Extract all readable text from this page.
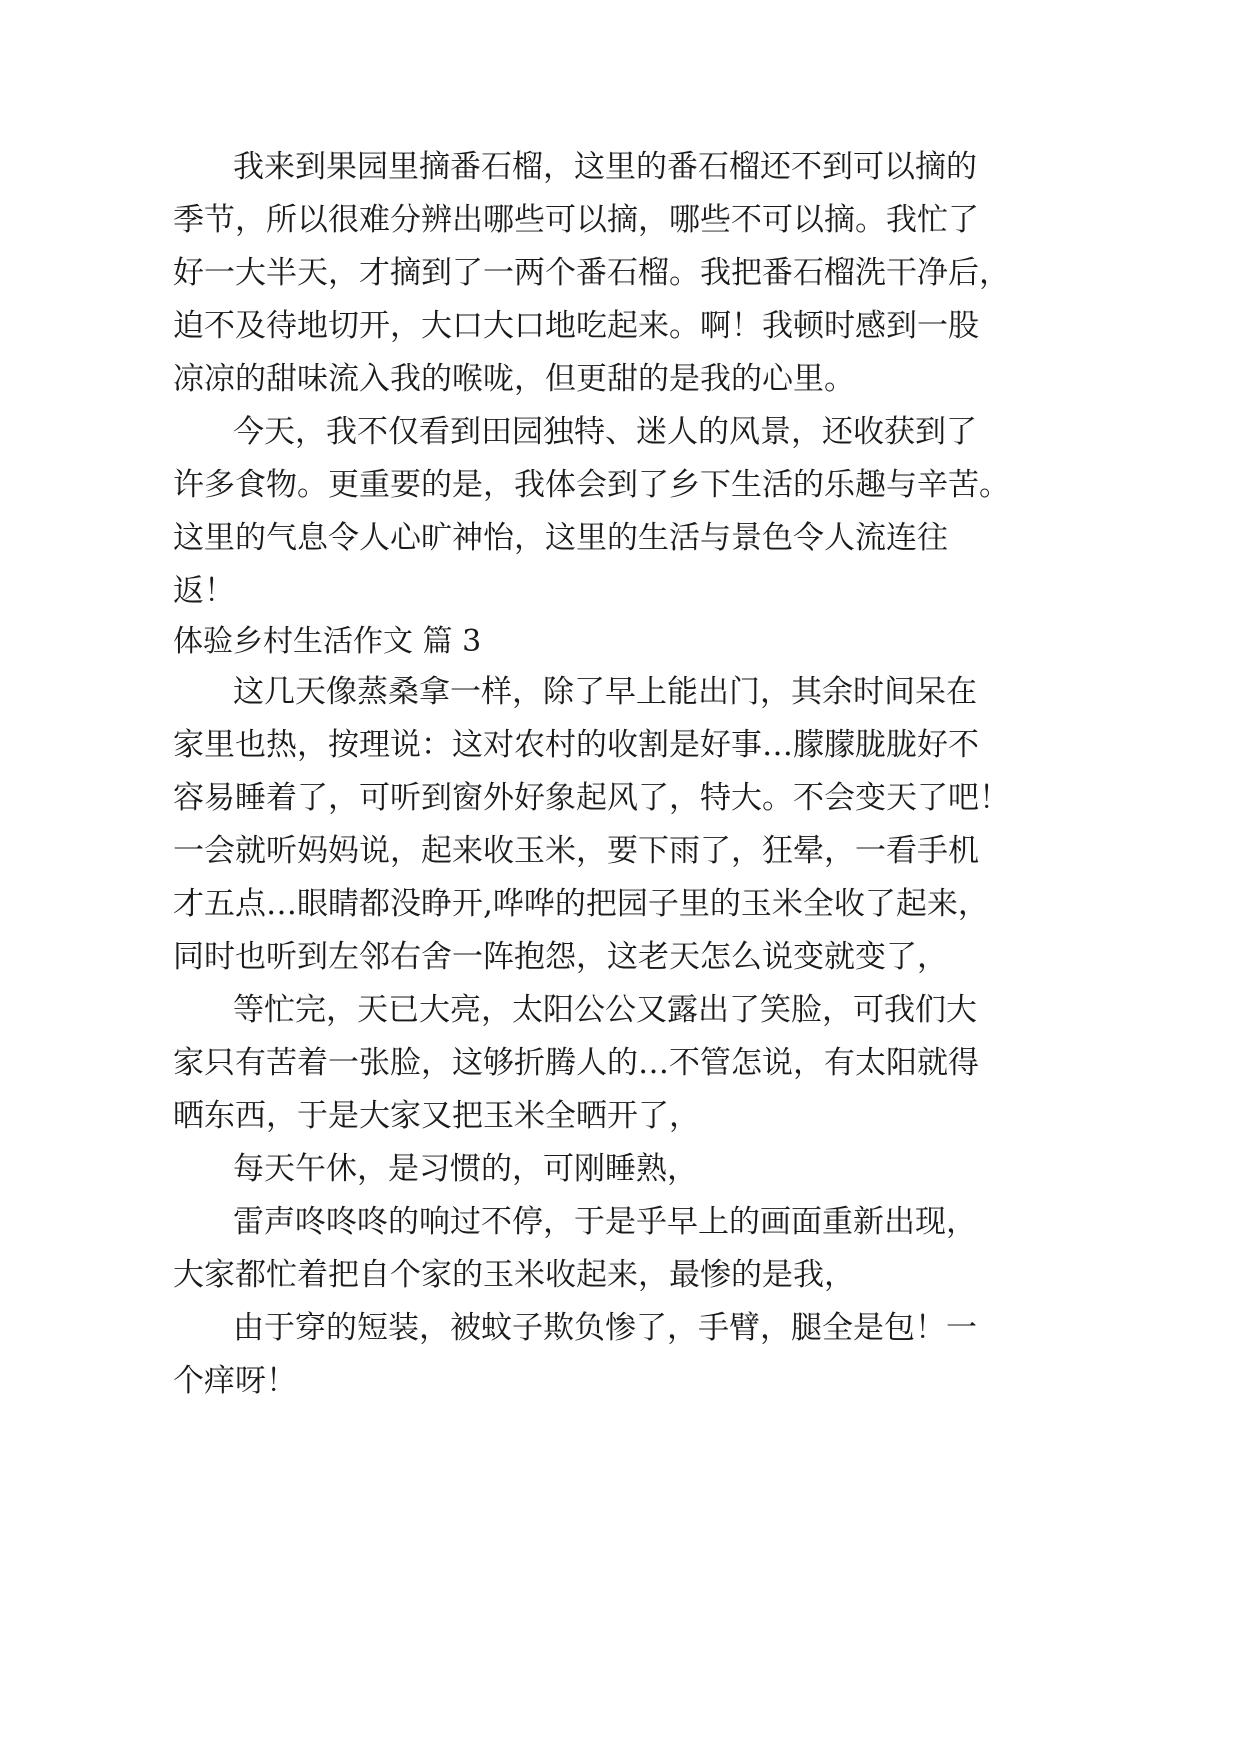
我来到果园里摘番石榴，这里的番石榴还不到可以摘的
季节，所以很难分辨出哪些可以摘，哪些不可以摘。我忙了
好一大半天，才摘到了一两个番石榴。我把番石榴洗干净后，
迫不及待地切开，大口大口地吃起来。啊！我顿时感到一股
凉凉的甜味流入我的喉咙，但更甜的是我的心里。
今天，我不仅看到田园独特、迷人的风景，还收获到了
许多食物。更重要的是，我体会到了乡下生活的乐趣与辛苦。
这里的气息令人心旷神怡，这里的生活与景色令人流连往
返！
体验乡村生活作文 篇 3
这几天像蒸桑拿一样，除了早上能出门，其余时间呆在
家里也热，按理说：这对农村的收割是好事…朦朦胧胧好不
容易睡着了，可听到窗外好象起风了，特大。不会变天了吧！
一会就听妈妈说，起来收玉米，要下雨了，狂晕，一看手机
才五点…眼睛都没睁开,哗哗的把园子里的玉米全收了起来，
同时也听到左邻右舍一阵抱怨，这老天怎么说变就变了，
等忙完，天已大亮，太阳公公又露出了笑脸，可我们大
家只有苦着一张脸，这够折腾人的…不管怎说，有太阳就得
晒东西，于是大家又把玉米全晒开了，
每天午休，是习惯的，可刚睡熟，
雷声咚咚咚的响过不停，于是乎早上的画面重新出现，
大家都忙着把自个家的玉米收起来，最惨的是我，
由于穿的短装，被蚊子欺负惨了，手臂，腿全是包！一
个痒呀！
